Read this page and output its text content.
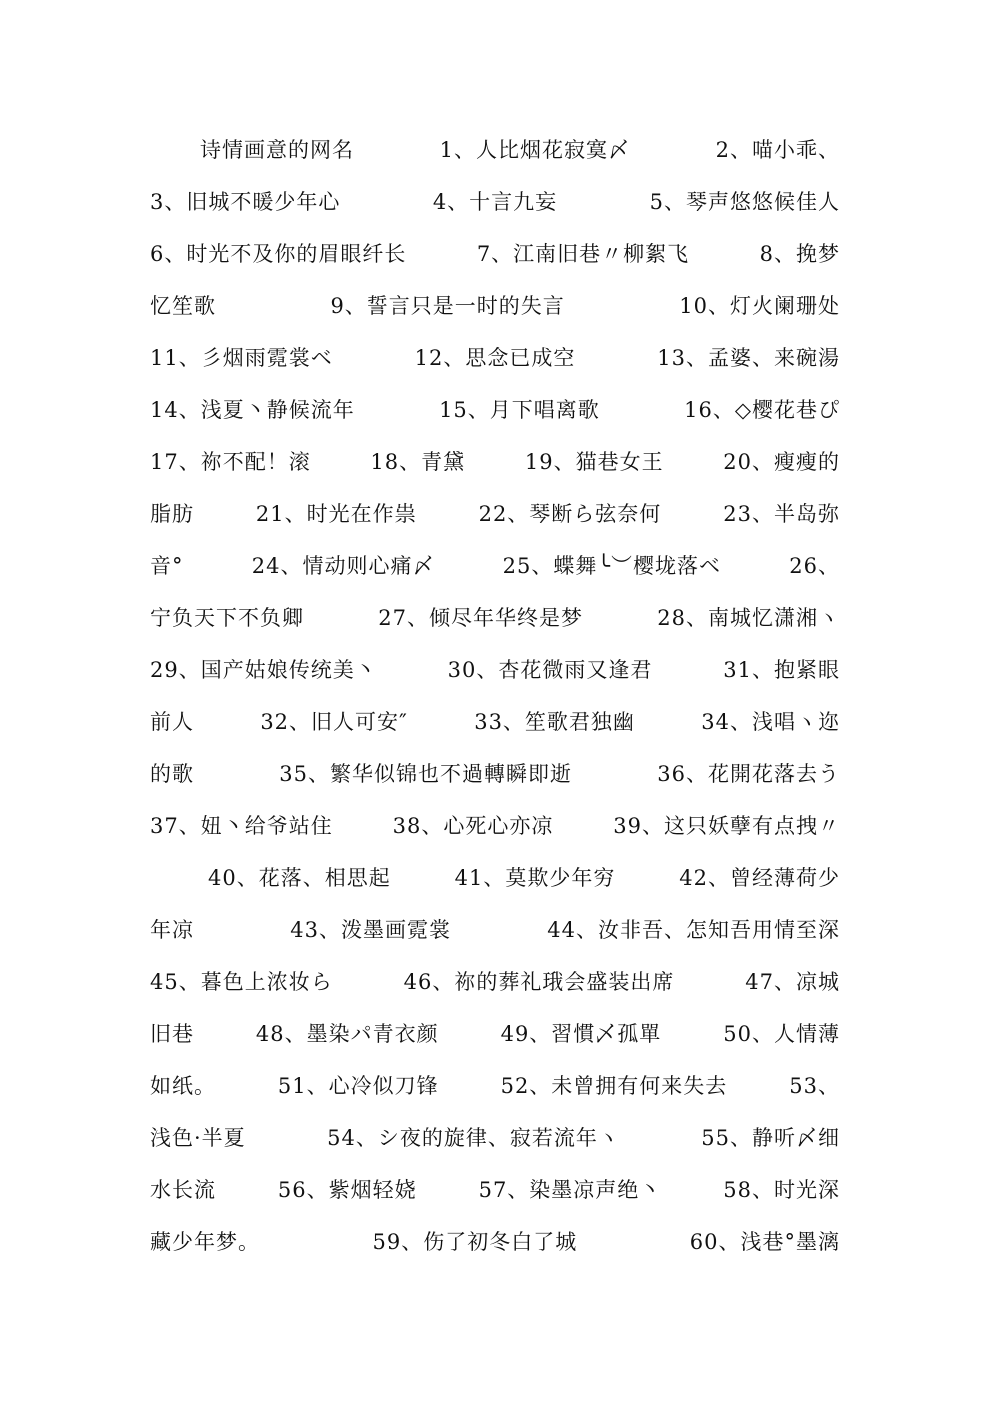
诗情画意的网名	1、人比烟花寂寞〆	2、喵小乖、
3、旧城不暖少年心	4、十言九妄	5、琴声悠悠候佳人
6、时光不及你的眉眼纤长	7、江南旧巷〃柳絮飞	8、挽梦
忆笙歌	9、誓言只是一时的失言	10、灯火阑珊处
11、彡烟雨霓裳ベ	12、思念已成空	13、孟婆、来碗湯
14、浅夏丶静候流年	15、月下唱离歌	16、◇樱花巷ぴ
17、祢不配！滚	18、青黛	19、猫巷女王	20、瘦瘦的
脂肪	21、时光在作祟	22、琴断ら弦奈何	23、半岛弥
音°	24、情动则心痛〆	25、蝶舞╰︶樱垅落ベ	26、
宁负天下不负卿	27、倾尽年华终是梦	28、南城忆潇湘ヽ
29、国产姑娘传统美丶	30、杏花微雨又逢君	31、抱紧眼
前人	32、旧人可安″	33、笙歌君独幽	34、浅唱ヽ迩
的歌	35、繁华似锦也不過轉瞬即逝	36、花開花落去う
37、妞丶给爷站住	38、心死心亦凉	39、这只妖孽有点拽〃
40、花落、相思起	41、莫欺少年穷	42、曾经薄荷少
年凉	43、泼墨画霓裳	44、汝非吾、怎知吾用情至深
45、暮色上浓妆ら	46、祢的葬礼珴会盛装出席	47、凉城
旧巷	48、墨染パ青衣颜	49、習慣乄孤單	50、人情薄
如纸。	51、心冷似刀锋	52、未曾拥有何来失去	53、
浅色·半夏	54、シ夜的旋律、寂若流年ヽ	55、静听〆细
水长流	56、紫烟轻娆	57、染墨凉声绝丶	58、时光深
藏少年梦。	59、伤了初冬白了城	60、浅巷°墨漓
